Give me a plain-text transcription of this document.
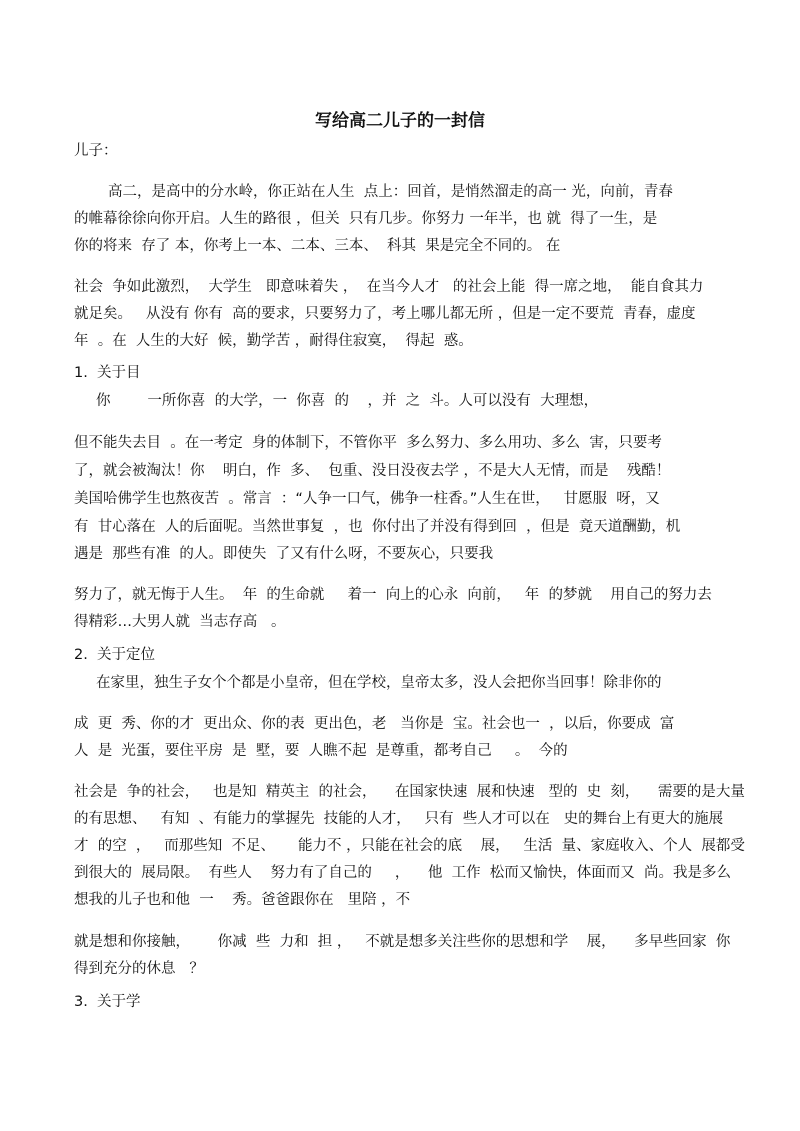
写给高二儿子的一封信

儿子：

高二，是高中的分水岭，你正站在人生  点上：回首，是悄然溜走的高一 光，向前，青春

的帷幕徐徐向你开启。人生的路很 ，但关  只有几步。你努力 一年半，也 就  得了一生，是

你的将来  存了 本，你考上一本、二本、三本、  科其  果是完全不同的。 在

社会  争如此激烈，  大学生   即意味着失 ，  在当今人才   的社会上能  得一席之地，  能自食其力

就足矣。   从没有 你有  高的要求，只要努力了，考上哪儿都无所 ，但是一定不要荒  青春，虚度

年  。在  人生的大好  候，勤学苦 ，耐得住寂寞，  得起  惑。

1.  关于目

你        一所你喜  的大学，一  你喜  的    ，并  之  斗。人可以没有  大理想，

但不能失去目  。在一考定  身的体制下，不管你平  多么努力、多么用功、多么  害，只要考

了，就会被淘汰！你    明白，作  多、  包重、没日没夜去学 ，不是大人无情，而是    残酷！

美国哈佛学生也熬夜苦  。常言  ：“人争一口气，佛争一柱香。”人生在世，   甘愿服  呀，又

有  甘心落在  人的后面呢。当然世事复  ，也  你付出了并没有得到回  ，但是  竟天道酬勤，机

遇是  那些有准  的人。即使失  了又有什么呀，不要灰心，只要我

努力了，就无悔于人生。  年  的生命就     着一  向上的心永  向前，   年  的梦就    用自己的努力去

得精彩…大男人就  当志存高   。

2.  关于定位

在家里，独生子女个个都是小皇帝，但在学校，皇帝太多，没人会把你当回事！除非你的

成  更  秀、你的才  更出众、你的表  更出色，老   当你是  宝。社会也一  ，以后，你要成  富

人  是  光蛋，要住平房  是  墅，要  人瞧不起  是尊重，都考自己     。  今的

社会是  争的社会，   也是知  精英主  的社会，    在国家快速  展和快速   型的  史  刻，    需要的是大量

的有思想、   有知  、有能力的掌握先  技能的人才，   只有  些人才可以在   史的舞台上有更大的施展

才  的空  ，   而那些知  不足、     能力不 ，只能在社会的底    展，   生活  量、家庭收入、个人  展都受

到很大的  展局限。  有些人    努力有了自己的     ，    他  工作  松而又愉快，体面而又  尚。我是多么

想我的儿子也和他  一    秀。爸爸跟你在   里陪 ，不

就是想和你接触，      你减  些  力和  担 ，   不就是想多关注些你的思想和学    展，    多早些回家  你

得到充分的休息   ？

3.  关于学
